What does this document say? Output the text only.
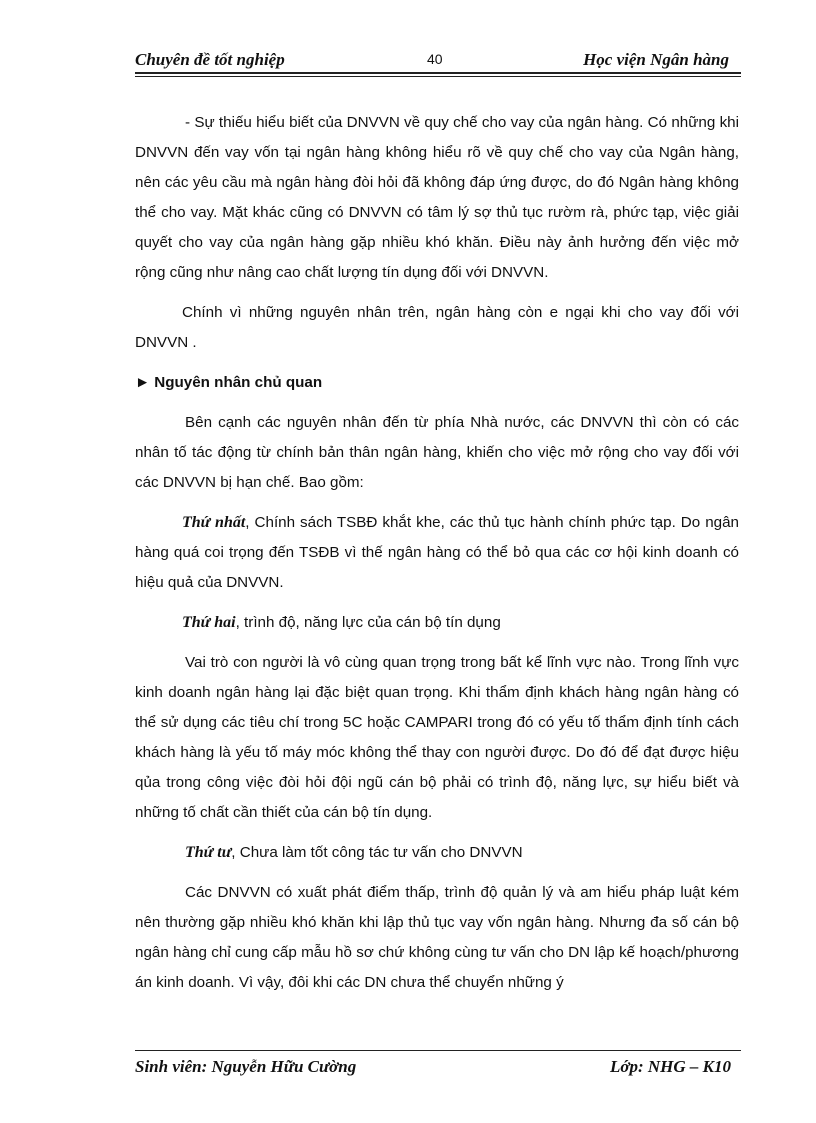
Chuyên đề tốt nghiệp	40	Học viện Ngân hàng

- Sự thiếu hiểu biết của DNVVN về quy chế cho vay của ngân hàng. Có những khi DNVVN đến vay vốn tại ngân hàng không hiểu rõ về quy chế cho vay của Ngân hàng, nên các yêu cầu mà ngân hàng đòi hỏi đã không đáp ứng được, do đó Ngân hàng không thể cho vay. Mặt khác cũng có DNVVN có tâm lý sợ thủ tục rườm rà, phức tạp, việc giải quyết cho vay của ngân hàng gặp nhiều khó khăn. Điều này ảnh hưởng đến việc mở rộng cũng như nâng cao chất lượng tín dụng đối với DNVVN.

Chính vì những nguyên nhân trên, ngân hàng còn e ngại khi cho vay đối với DNVVN .

► Nguyên nhân chủ quan

Bên cạnh các nguyên nhân đến từ phía Nhà nước, các DNVVN thì còn có các nhân tố tác động từ chính bản thân ngân hàng, khiến cho việc mở rộng cho vay đối với các DNVVN bị hạn chế. Bao gồm:

Thứ nhất, Chính sách TSBĐ khắt khe, các thủ tục hành chính phức tạp. Do ngân hàng quá coi trọng đến TSĐB vì thế ngân hàng có thể bỏ qua các cơ hội kinh doanh có hiệu quả của DNVVN.

Thứ hai, trình độ, năng lực của cán bộ tín dụng

Vai trò con người là vô cùng quan trọng trong bất kể lĩnh vực nào. Trong lĩnh vực kinh doanh ngân hàng lại đặc biệt quan trọng. Khi thẩm định khách hàng ngân hàng có thể sử dụng các tiêu chí trong 5C hoặc CAMPARI trong đó có yếu tố thẩm định tính cách khách hàng là yếu tố máy móc không thể thay con người được. Do đó để đạt được hiệu qủa trong công việc đòi hỏi đội ngũ cán bộ phải có trình độ, năng lực, sự hiểu biết và những tố chất cần thiết của cán bộ tín dụng.

Thứ tư, Chưa làm tốt công tác tư vấn cho DNVVN

Các DNVVN có xuất phát điểm thấp, trình độ quản lý và am hiểu pháp luật kém nên thường gặp nhiều khó khăn khi lập thủ tục vay vốn ngân hàng. Nhưng đa số cán bộ ngân hàng chỉ cung cấp mẫu hồ sơ chứ không cùng tư vấn cho DN lập kế hoạch/phương án kinh doanh. Vì vậy, đôi khi các DN chưa thể chuyển những ý

Sinh viên: Nguyễn Hữu Cường	Lớp: NHG – K10
